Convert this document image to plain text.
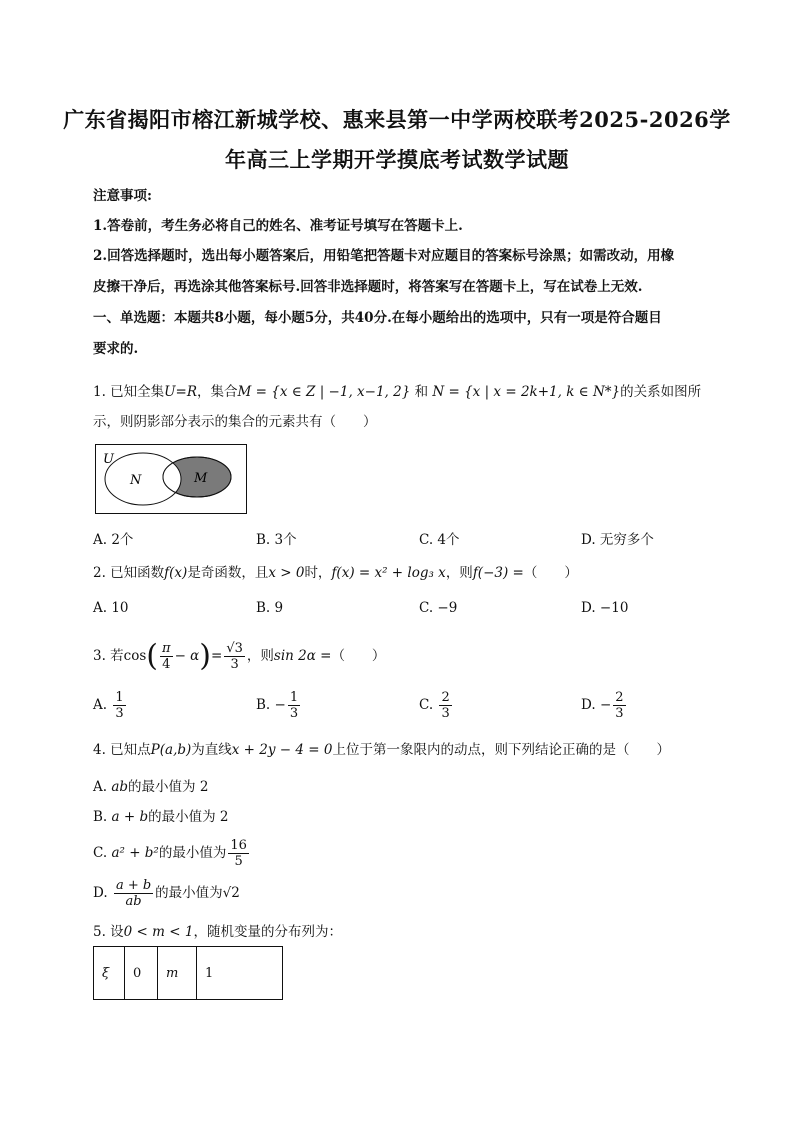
广东省揭阳市榕江新城学校、惠来县第一中学两校联考2025-2026学
年高三上学期开学摸底考试数学试题
注意事项:
1.答卷前，考生务必将自己的姓名、准考证号填写在答题卡上.
2.回答选择题时，选出每小题答案后，用铅笔把答题卡对应题目的答案标号涂黑；如需改动，用橡
皮擦干净后，再选涂其他答案标号.回答非选择题时，将答案写在答题卡上，写在试卷上无效.
一、单选题：本题共8小题，每小题5分，共40分.在每小题给出的选项中，只有一项是符合题目
要求的.
1. 已知全集U=R，集合M = {x ∈ Z | −1, x−1, 2} 和 N = {x | x = 2k+1, k ∈ N*}的关系如图所
示，则阴影部分表示的集合的元素共有（　　）
U
N	M
A. 2个	B. 3个	C. 4个	D. 无穷多个
2. 已知函数f(x)是奇函数，且x > 0时，f(x) = x² + log₃ x，则f(−3) =（　　）
A. 10	B. 9	C. −9	D. −10
3. 若$\cos( \frac{\pi}{4} - \alpha)= \frac{√3}{3}$ ，则sin 2α =（　　）
A. $\frac{1}{3}$	B. − $\frac{1}{3}$	C. $\frac{2}{3}$	D. − $\frac{2}{3}$
4. 已知点P(a,b)为直线x + 2y − 4 = 0上位于第一象限内的动点，则下列结论正确的是（　　）
A. ab的最小值为 2
B. a + b的最小值为 2
C. a² + b²的最小值为 $\frac{16}{5}$
D. $\frac{a + b}{ab}$ 的最小值为√2
5. 设0 < m < 1，随机变量的分布列为：
ξ	0	m	1
